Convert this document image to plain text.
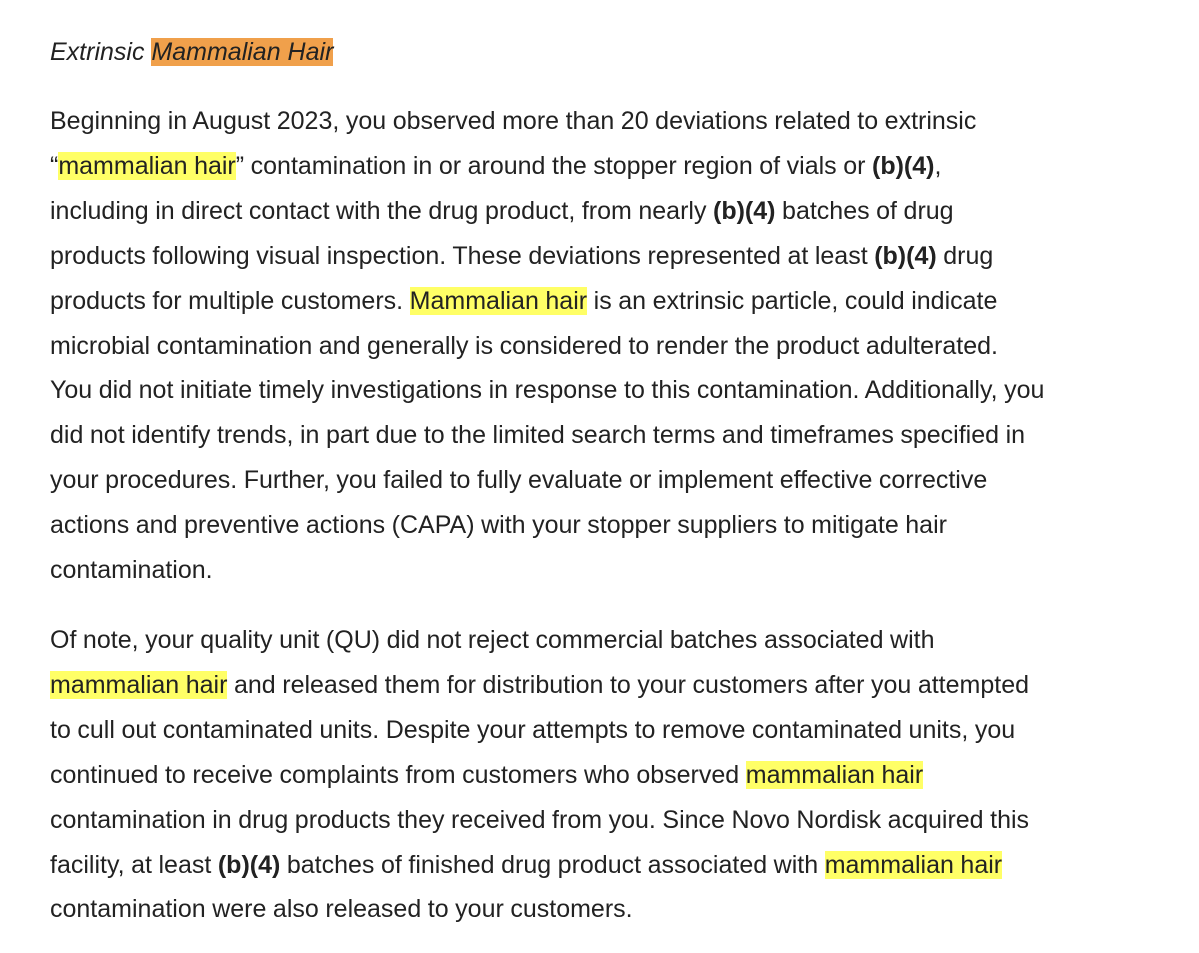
Extrinsic Mammalian Hair

Beginning in August 2023, you observed more than 20 deviations related to extrinsic
“mammalian hair” contamination in or around the stopper region of vials or (b)(4),
including in direct contact with the drug product, from nearly (b)(4) batches of drug
products following visual inspection. These deviations represented at least (b)(4) drug
products for multiple customers. Mammalian hair is an extrinsic particle, could indicate
microbial contamination and generally is considered to render the product adulterated.
You did not initiate timely investigations in response to this contamination. Additionally, you
did not identify trends, in part due to the limited search terms and timeframes specified in
your procedures. Further, you failed to fully evaluate or implement effective corrective
actions and preventive actions (CAPA) with your stopper suppliers to mitigate hair
contamination.

Of note, your quality unit (QU) did not reject commercial batches associated with
mammalian hair and released them for distribution to your customers after you attempted
to cull out contaminated units. Despite your attempts to remove contaminated units, you
continued to receive complaints from customers who observed mammalian hair
contamination in drug products they received from you. Since Novo Nordisk acquired this
facility, at least (b)(4) batches of finished drug product associated with mammalian hair
contamination were also released to your customers.
